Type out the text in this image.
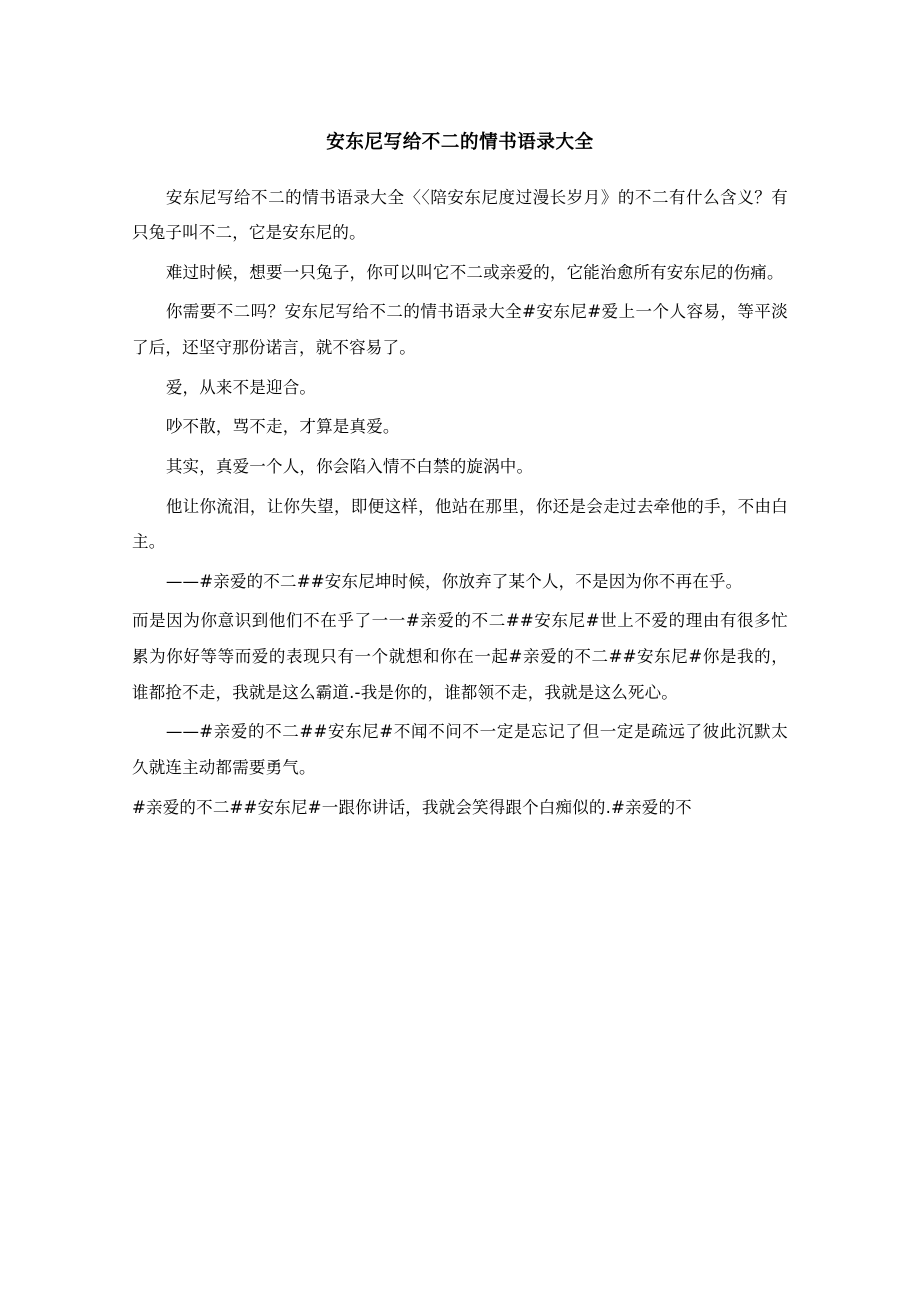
安东尼写给不二的情书语录大全

安东尼写给不二的情书语录大全〈〈陪安东尼度过漫长岁月》的不二有什么含义？有只兔子叫不二，它是安东尼的。

难过时候，想要一只兔子，你可以叫它不二或亲爱的，它能治愈所有安东尼的伤痛。

你需要不二吗？安东尼写给不二的情书语录大全#安东尼#爱上一个人容易，等平淡了后，还坚守那份诺言，就不容易了。

爱，从来不是迎合。

吵不散，骂不走，才算是真爱。

其实，真爱一个人，你会陷入情不白禁的旋涡中。

他让你流泪，让你失望，即便这样，他站在那里，你还是会走过去牵他的手，不由白主。

——#亲爱的不二##安东尼坤时候，你放弃了某个人，不是因为你不再在乎。

而是因为你意识到他们不在乎了一一#亲爱的不二##安东尼#世上不爱的理由有很多忙累为你好等等而爱的表现只有一个就想和你在一起#亲爱的不二##安东尼#你是我的，谁都抢不走，我就是这么霸道.-我是你的，谁都领不走，我就是这么死心。

——#亲爱的不二##安东尼#不闻不问不一定是忘记了但一定是疏远了彼此沉默太久就连主动都需要勇气。

#亲爱的不二##安东尼#一跟你讲话，我就会笑得跟个白痴似的.#亲爱的不
